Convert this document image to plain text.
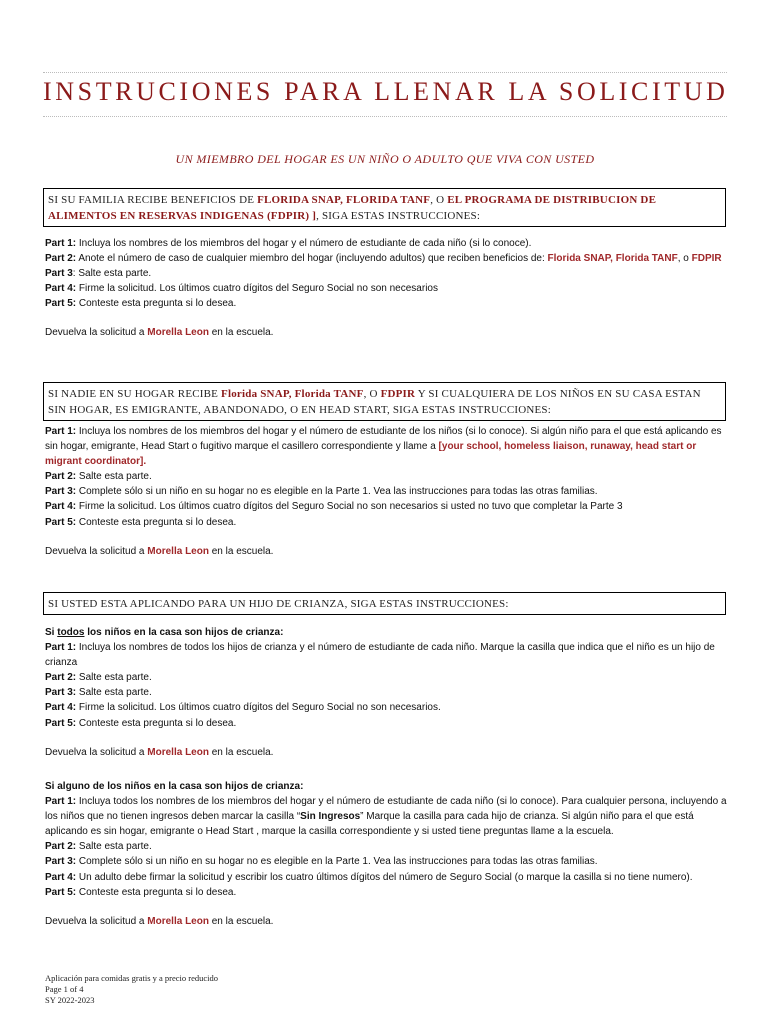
INSTRUCIONES PARA LLENAR LA SOLICITUD
UN MIEMBRO DEL HOGAR ES UN NIÑO O ADULTO QUE VIVA CON USTED
SI SU FAMILIA RECIBE BENEFICIOS DE FLORIDA SNAP, FLORIDA TANF, O EL PROGRAMA DE DISTRIBUCION DE ALIMENTOS EN RESERVAS INDIGENAS (FDPIR) ], SIGA ESTAS INSTRUCCIONES:

Part 1: Incluya los nombres de los miembros del hogar y el número de estudiante de cada niño (si lo conoce).

Part 2: Anote el número de caso de cualquier miembro del hogar (incluyendo adultos) que reciben beneficios de: Florida SNAP, Florida TANF, o FDPIR

Part 3: Salte esta parte.

Part 4: Firme la solicitud. Los últimos cuatro dígitos del Seguro Social no son necesarios

Part 5: Conteste esta pregunta si lo desea.

Devuelva la solicitud a Morella Leon en la escuela.

SI NADIE EN SU HOGAR RECIBE Florida SNAP, Florida TANF, O FDPIR Y SI CUALQUIERA DE LOS NIÑOS EN SU CASA ESTAN SIN HOGAR, ES EMIGRANTE, ABANDONADO, O EN HEAD START, SIGA ESTAS INSTRUCCIONES:

Part 1: Incluya los nombres de los miembros del hogar y el número de estudiante de los niños (si lo conoce). Si algún niño para el que está aplicando es sin hogar, emigrante, Head Start o fugitivo marque el casillero correspondiente y llame a [your school, homeless liaison, runaway, head start or migrant coordinator].

Part 2: Salte esta parte.

Part 3: Complete sólo si un niño en su hogar no es elegible en la Parte 1. Vea las instrucciones para todas las otras familias.

Part 4: Firme la solicitud. Los últimos cuatro dígitos del Seguro Social no son necesarios si usted no tuvo que completar la Parte 3

Part 5: Conteste esta pregunta si lo desea.

Devuelva la solicitud a Morella Leon en la escuela.

SI USTED ESTA APLICANDO PARA UN HIJO DE CRIANZA, SIGA ESTAS INSTRUCCIONES:

Si todos los niños en la casa son hijos de crianza:

Part 1: Incluya los nombres de todos los hijos de crianza y el número de estudiante de cada niño. Marque la casilla que indica que el niño es un hijo de crianza

Part 2: Salte esta parte.

Part 3: Salte esta parte.

Part 4: Firme la solicitud. Los últimos cuatro dígitos del Seguro Social no son necesarios.

Part 5: Conteste esta pregunta si lo desea.

Devuelva la solicitud a Morella Leon en la escuela.

Si alguno de los niños en la casa son hijos de crianza:

Part 1: Incluya todos los nombres de los miembros del hogar y el número de estudiante de cada niño (si lo conoce). Para cualquier persona, incluyendo a los niños que no tienen ingresos deben marcar la casilla “Sin Ingresos” Marque la casilla para cada hijo de crianza. Si algún niño para el que está aplicando es sin hogar, emigrante o Head Start , marque la casilla correspondiente y si usted tiene preguntas llame a la escuela.

Part 2: Salte esta parte.

Part 3: Complete sólo si un niño en su hogar no es elegible en la Parte 1. Vea las instrucciones para todas las otras familias.

Part 4: Un adulto debe firmar la solicitud y escribir los cuatro últimos dígitos del número de Seguro Social (o marque la casilla si no tiene numero).

Part 5: Conteste esta pregunta si lo desea.

Devuelva la solicitud a Morella Leon en la escuela.

Aplicación para comidas gratis y a precio reducido
Page 1 of 4
SY 2022-2023
